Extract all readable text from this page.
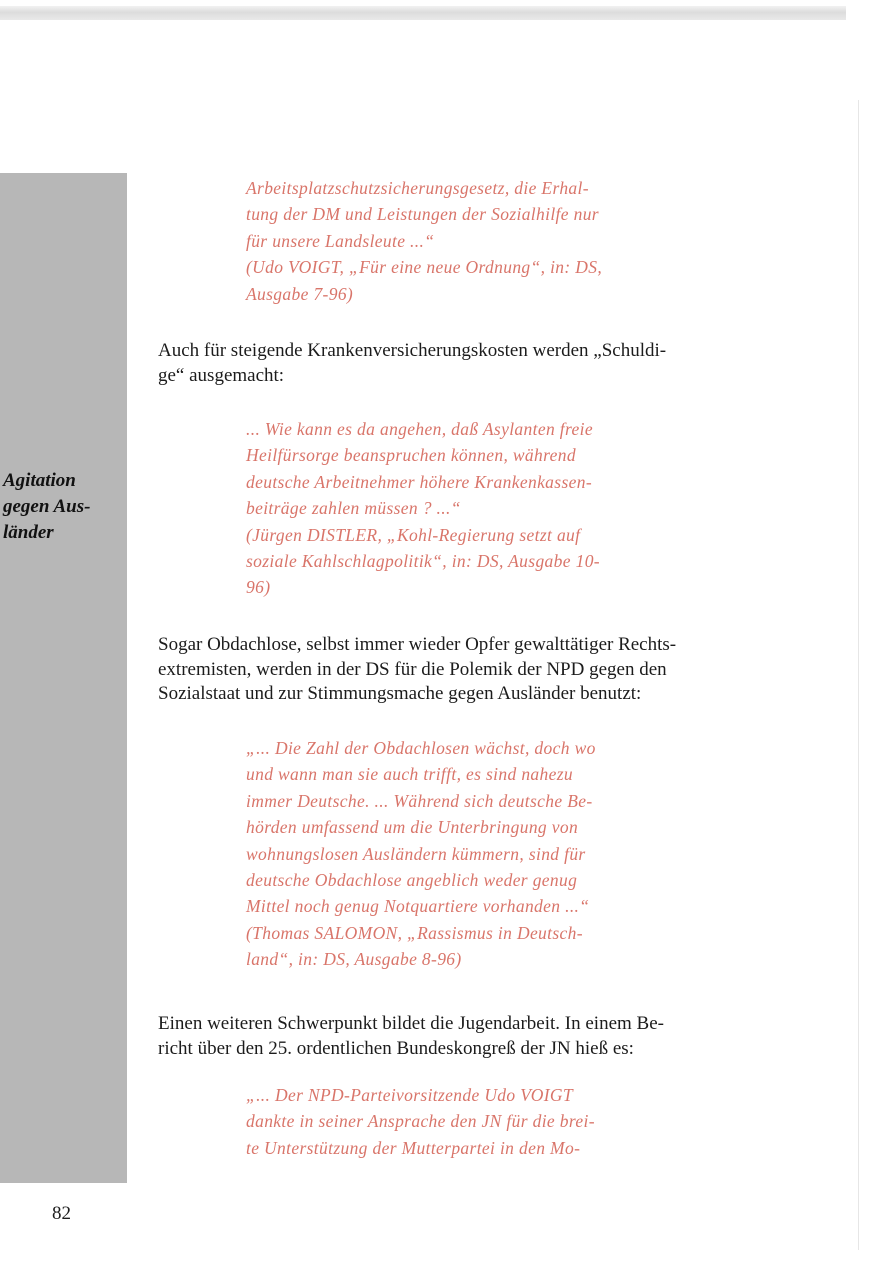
Agitation
gegen Aus-
länder
Arbeitsplatzschutzsicherungsgesetz, die Erhal-
tung der DM und Leistungen der Sozialhilfe nur
für unsere Landsleute ...“
(Udo VOIGT, „Für eine neue Ordnung“, in: DS,
Ausgabe 7-96)
Auch für steigende Krankenversicherungskosten werden „Schuldi-
ge“ ausgemacht:
... Wie kann es da angehen, daß Asylanten freie
Heilfürsorge beanspruchen können, während
deutsche Arbeitnehmer höhere Krankenkassen-
beiträge zahlen müssen ? ...“
(Jürgen DISTLER, „Kohl-Regierung setzt auf
soziale Kahlschlagpolitik“, in: DS, Ausgabe 10-
96)
Sogar Obdachlose, selbst immer wieder Opfer gewalttätiger Rechts-
extremisten, werden in der DS für die Polemik der NPD gegen den
Sozialstaat und zur Stimmungsmache gegen Ausländer benutzt:
„... Die Zahl der Obdachlosen wächst, doch wo
und wann man sie auch trifft, es sind nahezu
immer Deutsche. ... Während sich deutsche Be-
hörden umfassend um die Unterbringung von
wohnungslosen Ausländern kümmern, sind für
deutsche Obdachlose angeblich weder genug
Mittel noch genug Notquartiere vorhanden ...“
(Thomas SALOMON, „Rassismus in Deutsch-
land“, in: DS, Ausgabe 8-96)
Einen weiteren Schwerpunkt bildet die Jugendarbeit. In einem Be-
richt über den 25. ordentlichen Bundeskongreß der JN hieß es:
„... Der NPD-Parteivorsitzende Udo VOIGT
dankte in seiner Ansprache den JN für die brei-
te Unterstützung der Mutterpartei in den Mo-
82
